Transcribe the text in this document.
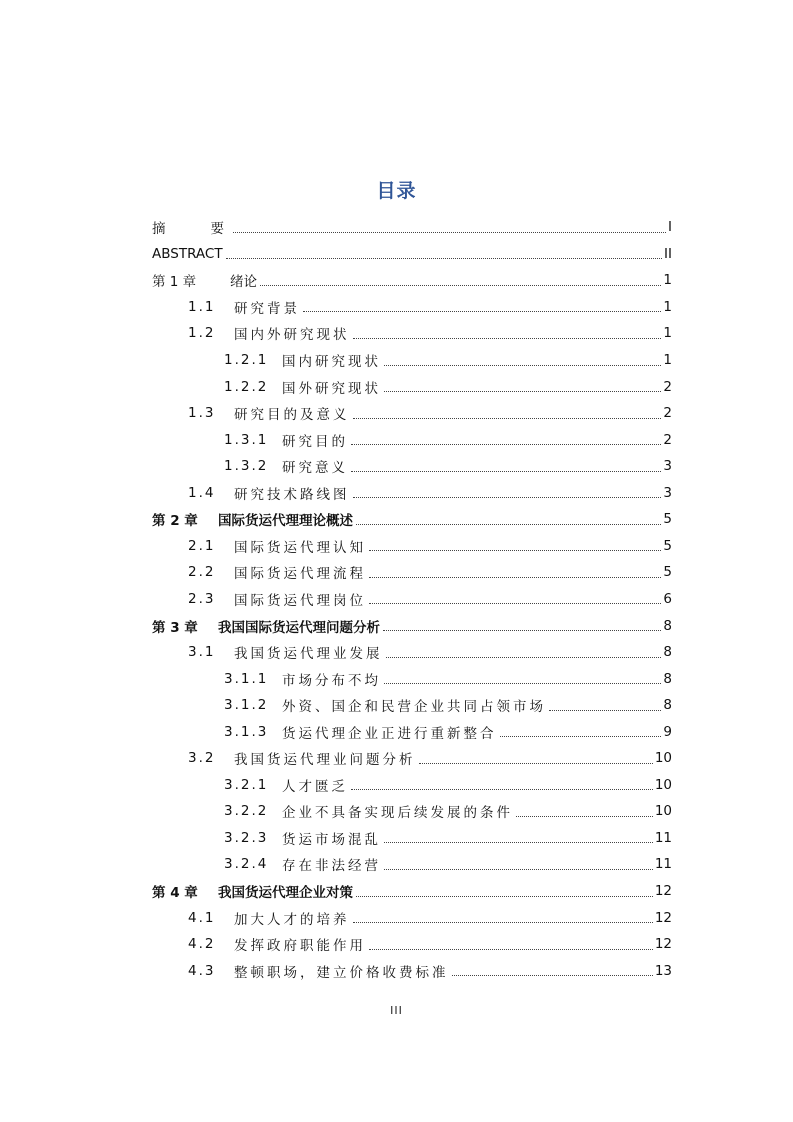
目录
摘　　要	I
ABSTRACT	II
第 1 章	绪论	1
1.1	研究背景	1
1.2	国内外研究现状	1
1.2.1	国内研究现状	1
1.2.2	国外研究现状	2
1.3	研究目的及意义	2
1.3.1	研究目的	2
1.3.2	研究意义	3
1.4	研究技术路线图	3
第 2 章	国际货运代理理论概述	5
2.1	国际货运代理认知	5
2.2	国际货运代理流程	5
2.3	国际货运代理岗位	6
第 3 章	我国国际货运代理问题分析	8
3.1	我国货运代理业发展	8
3.1.1	市场分布不均	8
3.1.2	外资、国企和民营企业共同占领市场	8
3.1.3	货运代理企业正进行重新整合	9
3.2	我国货运代理业问题分析	10
3.2.1	人才匮乏	10
3.2.2	企业不具备实现后续发展的条件	10
3.2.3	货运市场混乱	11
3.2.4	存在非法经营	11
第 4 章	我国货运代理企业对策	12
4.1	加大人才的培养	12
4.2	发挥政府职能作用	12
4.3	整顿职场，建立价格收费标准	13
III
